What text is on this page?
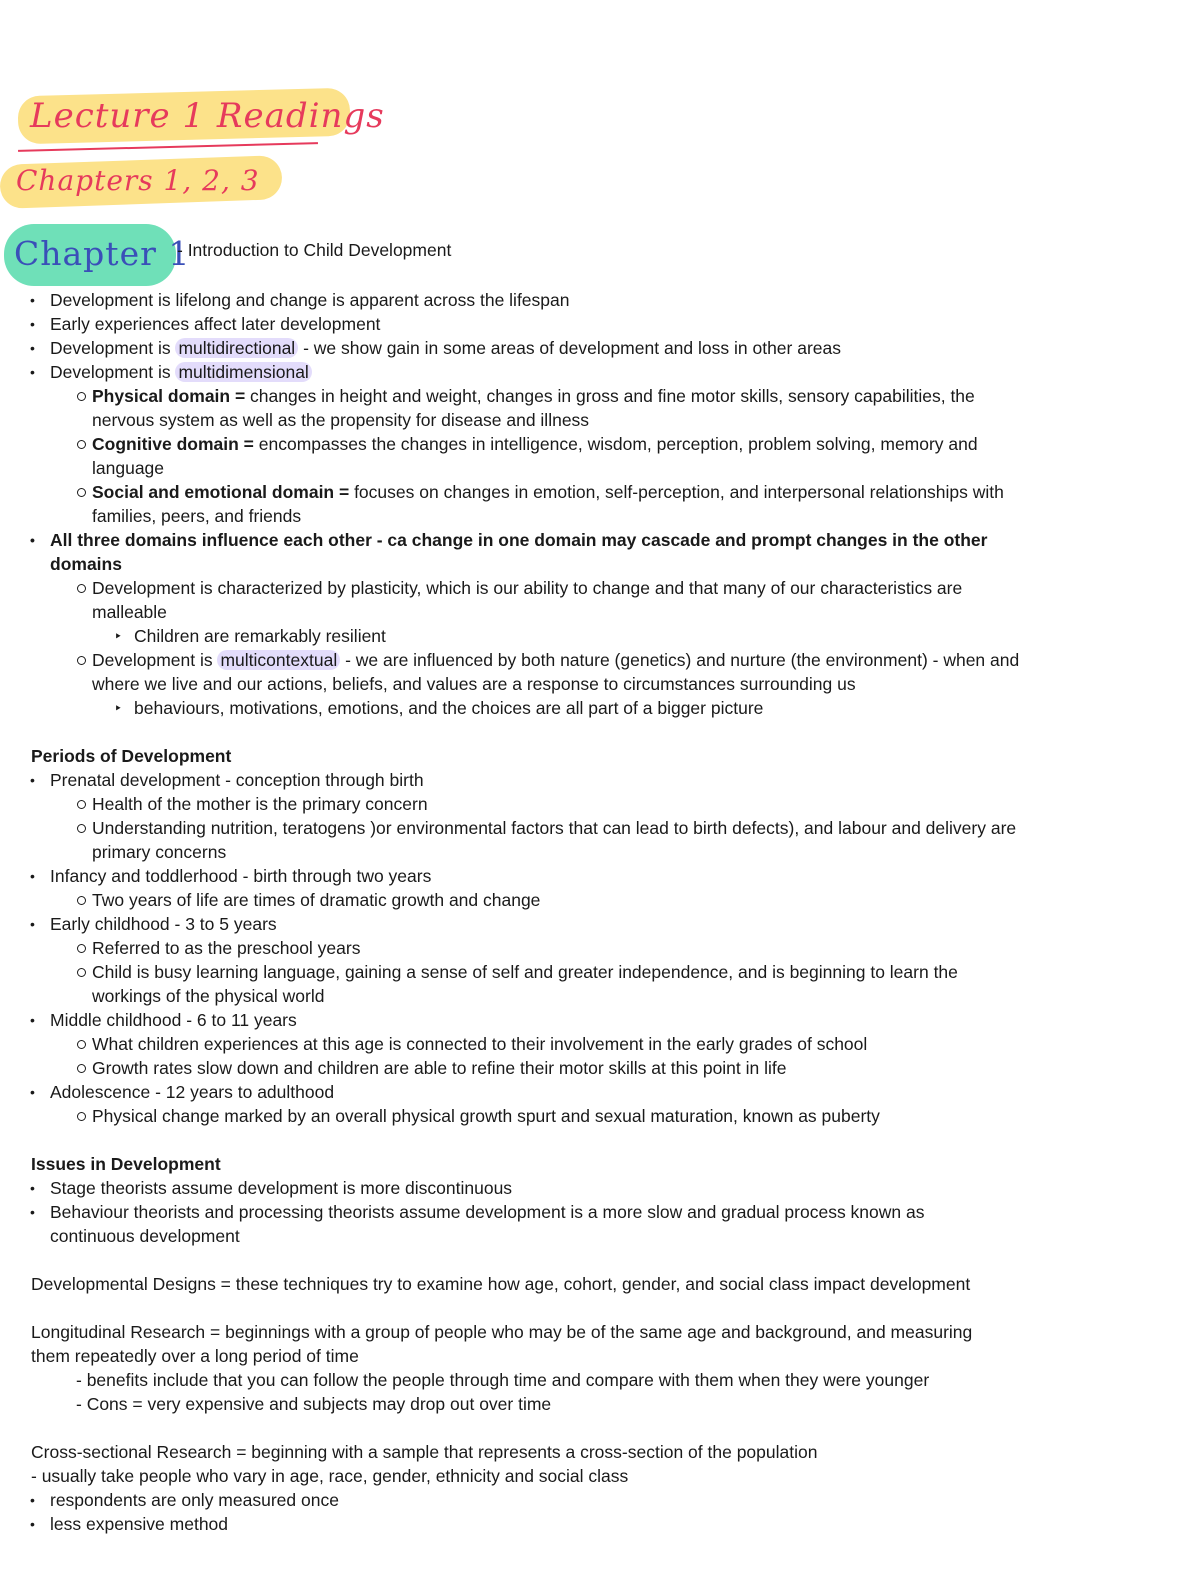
Lecture 1 Readings
Chapters 1, 2, 3
Chapter 1
- Introduction to Child Development
• Development is lifelong and change is apparent across the lifespan
• Early experiences affect later development
• Development is multidirectional - we show gain in some areas of development and loss in other areas
• Development is multidimensional
Physical domain = changes in height and weight, changes in gross and fine motor skills, sensory capabilities, the
nervous system as well as the propensity for disease and illness
Cognitive domain = encompasses the changes in intelligence, wisdom, perception, problem solving, memory and
language
Social and emotional domain = focuses on changes in emotion, self-perception, and interpersonal relationships with
families, peers, and friends
• All three domains influence each other - ca change in one domain may cascade and prompt changes in the other
domains
Development is characterized by plasticity, which is our ability to change and that many of our characteristics are
malleable
‣ Children are remarkably resilient
Development is multicontextual - we are influenced by both nature (genetics) and nurture (the environment) - when and
where we live and our actions, beliefs, and values are a response to circumstances surrounding us
‣ behaviours, motivations, emotions, and the choices are all part of a bigger picture
Periods of Development
• Prenatal development - conception through birth
Health of the mother is the primary concern
Understanding nutrition, teratogens )or environmental factors that can lead to birth defects), and labour and delivery are
primary concerns
• Infancy and toddlerhood - birth through two years
Two years of life are times of dramatic growth and change
• Early childhood - 3 to 5 years
Referred to as the preschool years
Child is busy learning language, gaining a sense of self and greater independence, and is beginning to learn the
workings of the physical world
• Middle childhood - 6 to 11 years
What children experiences at this age is connected to their involvement in the early grades of school
Growth rates slow down and children are able to refine their motor skills at this point in life
• Adolescence - 12 years to adulthood
Physical change marked by an overall physical growth spurt and sexual maturation, known as puberty
Issues in Development
• Stage theorists assume development is more discontinuous
• Behaviour theorists and processing theorists assume development is a more slow and gradual process known as
continuous development
Developmental Designs = these techniques try to examine how age, cohort, gender, and social class impact development
Longitudinal Research = beginnings with a group of people who may be of the same age and background, and measuring
them repeatedly over a long period of time
- benefits include that you can follow the people through time and compare with them when they were younger
- Cons = very expensive and subjects may drop out over time
Cross-sectional Research = beginning with a sample that represents a cross-section of the population
- usually take people who vary in age, race, gender, ethnicity and social class
• respondents are only measured once
• less expensive method
